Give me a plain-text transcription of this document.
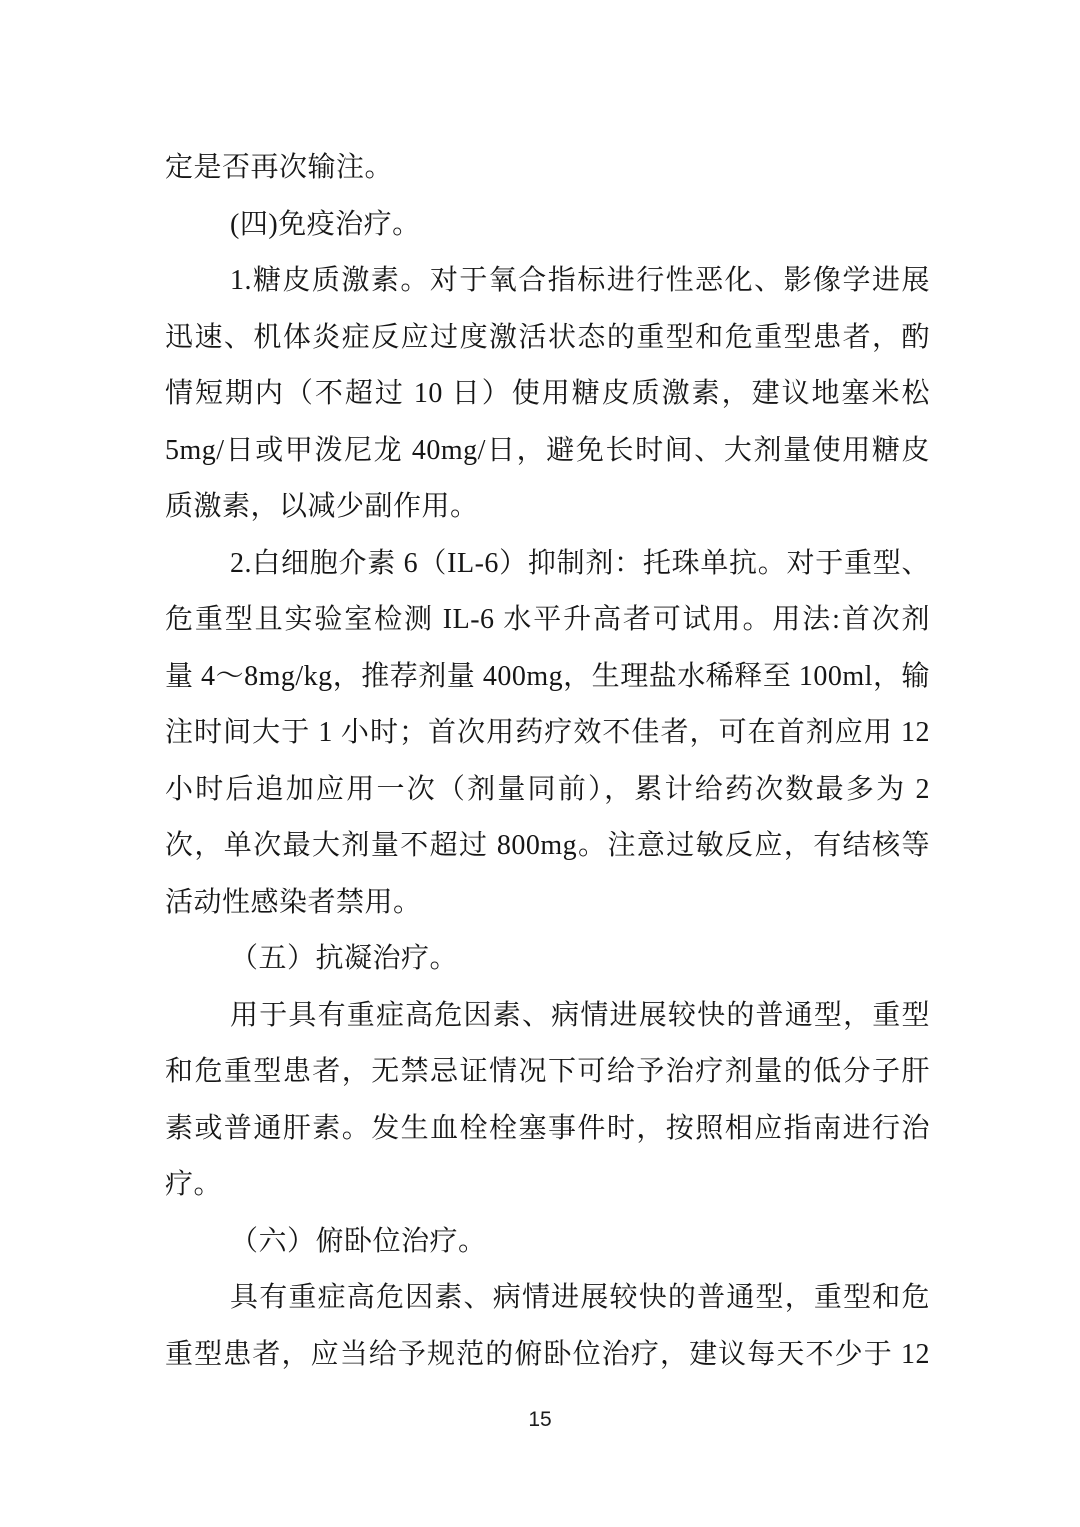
定是否再次输注。

(四)免疫治疗。

1.糖皮质激素。对于氧合指标进行性恶化、影像学进展

迅速、机体炎症反应过度激活状态的重型和危重型患者，酌

情短期内（不超过 10 日）使用糖皮质激素，建议地塞米松

5mg/日或甲泼尼龙 40mg/日，避免长时间、大剂量使用糖皮

质激素，以减少副作用。

2.白细胞介素 6（IL-6）抑制剂：托珠单抗。对于重型、

危重型且实验室检测 IL-6 水平升高者可试用。用法:首次剂

量 4～8mg/kg，推荐剂量 400mg，生理盐水稀释至 100ml，输

注时间大于 1 小时；首次用药疗效不佳者，可在首剂应用 12

小时后追加应用一次（剂量同前），累计给药次数最多为 2

次，单次最大剂量不超过 800mg。注意过敏反应，有结核等

活动性感染者禁用。

（五）抗凝治疗。

用于具有重症高危因素、病情进展较快的普通型，重型

和危重型患者，无禁忌证情况下可给予治疗剂量的低分子肝

素或普通肝素。发生血栓栓塞事件时，按照相应指南进行治

疗。

（六）俯卧位治疗。

具有重症高危因素、病情进展较快的普通型，重型和危

重型患者，应当给予规范的俯卧位治疗，建议每天不少于 12

15
